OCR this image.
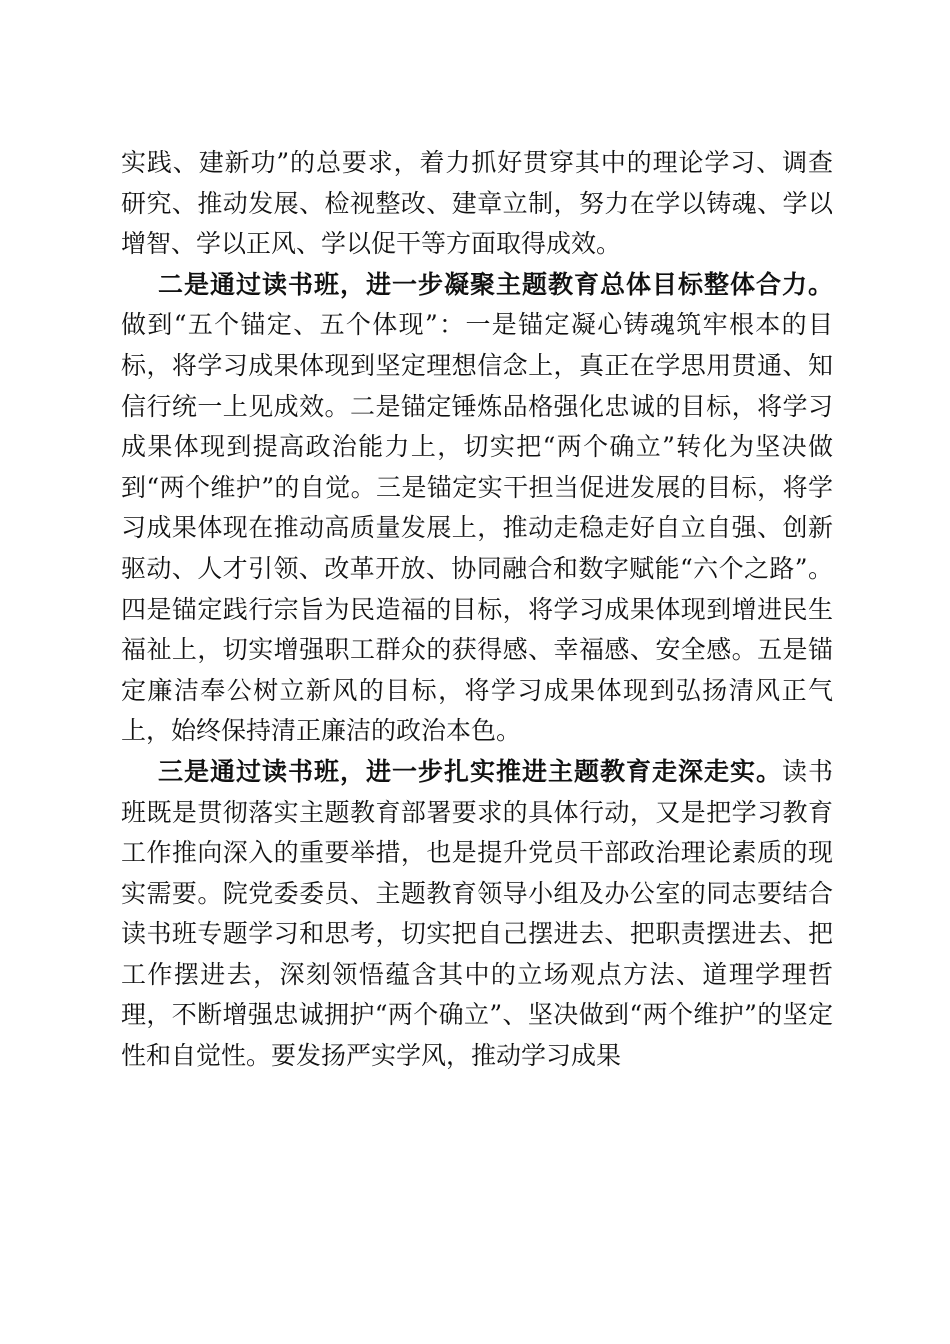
实践、建新功”的总要求，着力抓好贯穿其中的理论学习、调查研究、推动发展、检视整改、建章立制，努力在学以铸魂、学以增智、学以正风、学以促干等方面取得成效。

二是通过读书班，进一步凝聚主题教育总体目标整体合力。做到“五个锚定、五个体现”：一是锚定凝心铸魂筑牢根本的目标，将学习成果体现到坚定理想信念上，真正在学思用贯通、知信行统一上见成效。二是锚定锤炼品格强化忠诚的目标，将学习成果体现到提高政治能力上，切实把“两个确立”转化为坚决做到“两个维护”的自觉。三是锚定实干担当促进发展的目标，将学习成果体现在推动高质量发展上，推动走稳走好自立自强、创新驱动、人才引领、改革开放、协同融合和数字赋能“六个之路”。四是锚定践行宗旨为民造福的目标，将学习成果体现到增进民生福祉上，切实增强职工群众的获得感、幸福感、安全感。五是锚定廉洁奉公树立新风的目标，将学习成果体现到弘扬清风正气上，始终保持清正廉洁的政治本色。

三是通过读书班，进一步扎实推进主题教育走深走实。读书班既是贯彻落实主题教育部署要求的具体行动，又是把学习教育工作推向深入的重要举措，也是提升党员干部政治理论素质的现实需要。院党委委员、主题教育领导小组及办公室的同志要结合读书班专题学习和思考，切实把自己摆进去、把职责摆进去、把工作摆进去，深刻领悟蕴含其中的立场观点方法、道理学理哲理，不断增强忠诚拥护“两个确立”、坚决做到“两个维护”的坚定性和自觉性。要发扬严实学风，推动学习成果
